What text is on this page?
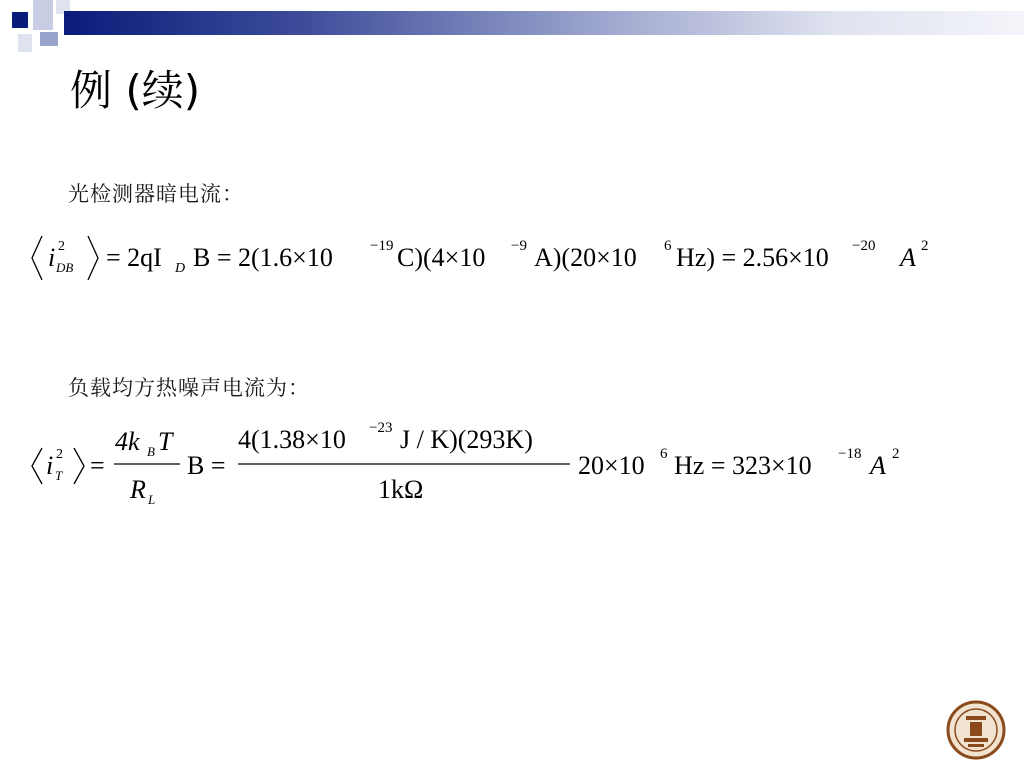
例 (续)
光检测器暗电流：
i 2
DB = 2qI D B = 2(1.6×10 −19 C)(4×10 −9 A)(20×10 6 Hz) = 2.56×10 −20 A 2
负载均方热噪声电流为：
i 2
T =
4k B T
R L
B =
4(1.38×10 −23 J / K)(293K)
1kΩ
20×10 6 Hz = 323×10 −18 A 2
